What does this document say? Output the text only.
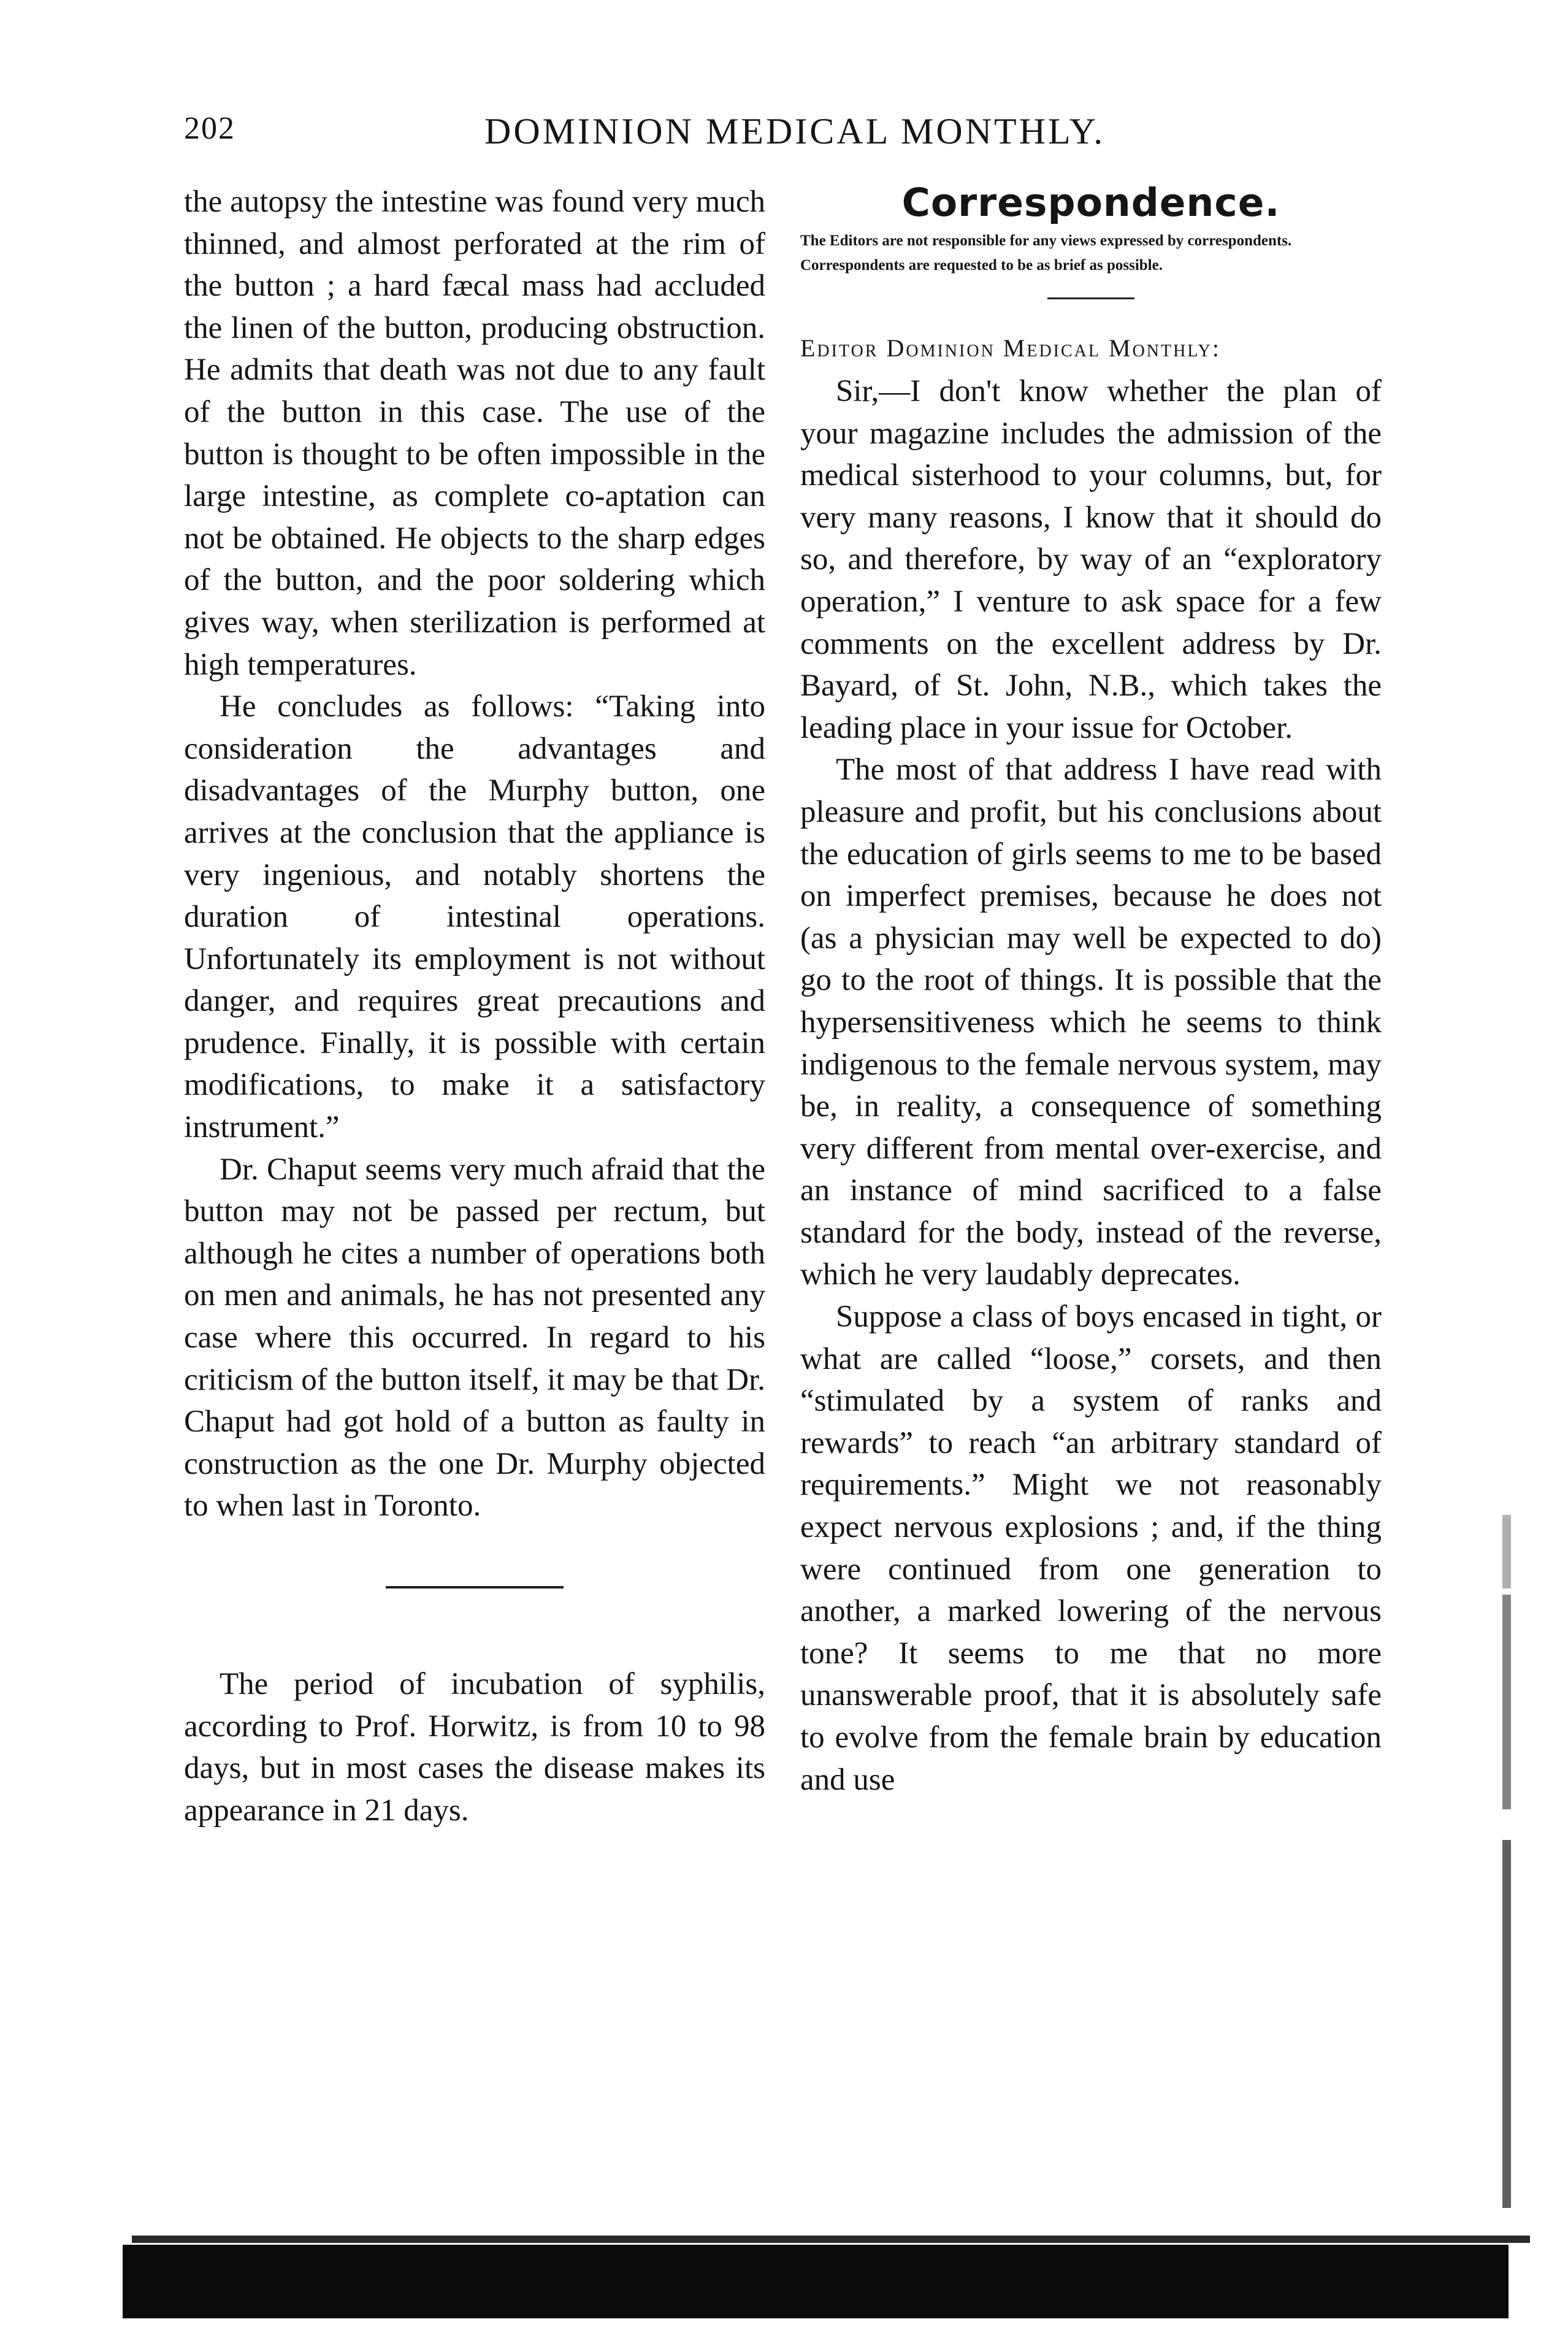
202	DOMINION MEDICAL MONTHLY.

the autopsy the intestine was found very much thinned, and almost perforated at the rim of the button ; a hard fæcal mass had accluded the linen of the button, producing obstruction. He admits that death was not due to any fault of the button in this case. The use of the button is thought to be often impossible in the large intestine, as complete co-aptation can not be obtained. He objects to the sharp edges of the button, and the poor soldering which gives way, when sterilization is performed at high temperatures.

He concludes as follows: “Taking into consideration the advantages and disadvantages of the Murphy button, one arrives at the conclusion that the appliance is very ingenious, and notably shortens the duration of intestinal operations. Unfortunately its employment is not without danger, and requires great precautions and prudence. Finally, it is possible with certain modifications, to make it a satisfactory instrument.”

Dr. Chaput seems very much afraid that the button may not be passed per rectum, but although he cites a number of operations both on men and animals, he has not presented any case where this occurred. In regard to his criticism of the button itself, it may be that Dr. Chaput had got hold of a button as faulty in construction as the one Dr. Murphy objected to when last in Toronto.

The period of incubation of syphilis, according to Prof. Horwitz, is from 10 to 98 days, but in most cases the disease makes its appearance in 21 days.

Correspondence.

The Editors are not responsible for any views expressed by correspondents.

Correspondents are requested to be as brief as possible.

Editor Dominion Medical Monthly:

Sir,—I don't know whether the plan of your magazine includes the admission of the medical sisterhood to your columns, but, for very many reasons, I know that it should do so, and therefore, by way of an “exploratory operation,” I venture to ask space for a few comments on the excellent address by Dr. Bayard, of St. John, N.B., which takes the leading place in your issue for October.

The most of that address I have read with pleasure and profit, but his conclusions about the education of girls seems to me to be based on imperfect premises, because he does not (as a physician may well be expected to do) go to the root of things. It is possible that the hypersensitiveness which he seems to think indigenous to the female nervous system, may be, in reality, a consequence of something very different from mental over-exercise, and an instance of mind sacrificed to a false standard for the body, instead of the reverse, which he very laudably deprecates.

Suppose a class of boys encased in tight, or what are called “loose,” corsets, and then “stimulated by a system of ranks and rewards” to reach “an arbitrary standard of requirements.” Might we not reasonably expect nervous explosions ; and, if the thing were continued from one generation to another, a marked lowering of the nervous tone? It seems to me that no more unanswerable proof, that it is absolutely safe to evolve from the female brain by education and use
